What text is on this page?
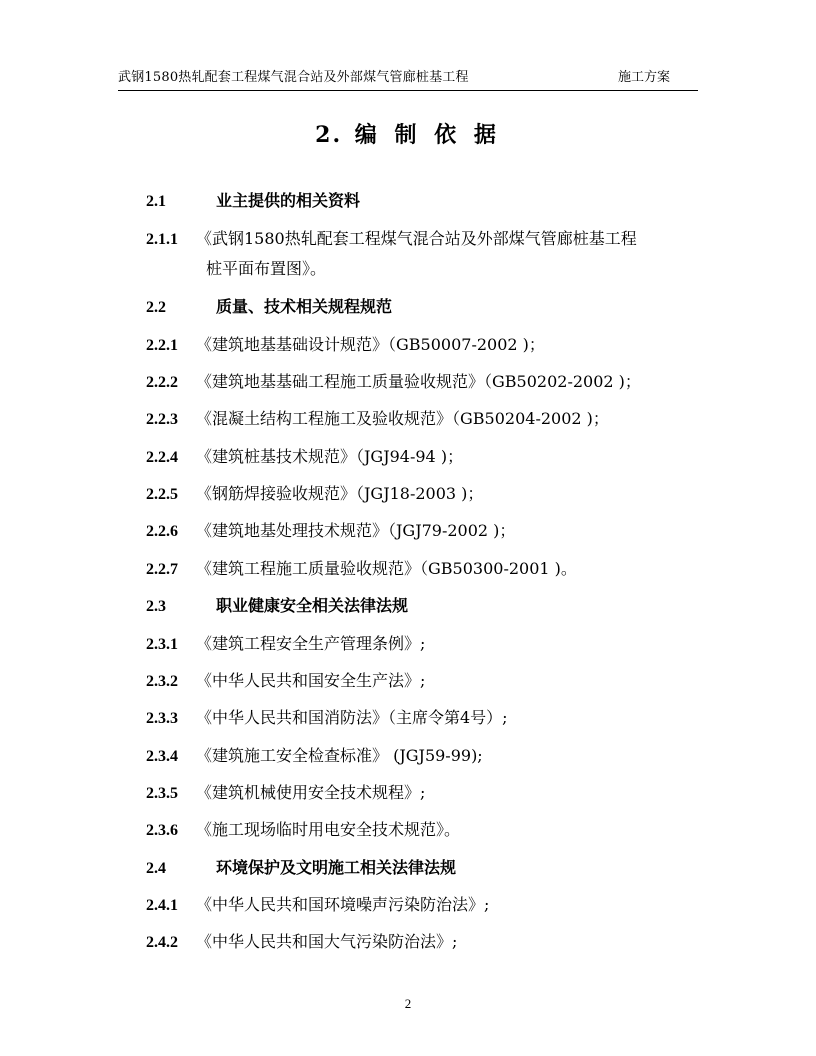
武钢1580热轧配套工程煤气混合站及外部煤气管廊桩基工程	施工方案
2. 编 制 依 据
2.1	业主提供的相关资料
2.1.1 《武钢1580热轧配套工程煤气混合站及外部煤气管廊桩基工程
桩平面布置图》。
2.2	质量、技术相关规程规范
2.2.1 《建筑地基基础设计规范》（GB50007-2002 )；
2.2.2 《建筑地基基础工程施工质量验收规范》（GB50202-2002 )；
2.2.3 《混凝土结构工程施工及验收规范》（GB50204-2002 )；
2.2.4 《建筑桩基技术规范》（JGJ94-94 )；
2.2.5 《钢筋焊接验收规范》（JGJ18-2003 )；
2.2.6 《建筑地基处理技术规范》（JGJ79-2002 )；
2.2.7 《建筑工程施工质量验收规范》（GB50300-2001 )。
2.3	职业健康安全相关法律法规
2.3.1 《建筑工程安全生产管理条例》;
2.3.2 《中华人民共和国安全生产法》;
2.3.3 《中华人民共和国消防法》（主席令第4号）;
2.3.4 《建筑施工安全检查标准》 (JGJ59-99);
2.3.5 《建筑机械使用安全技术规程》;
2.3.6 《施工现场临时用电安全技术规范》。
2.4	环境保护及文明施工相关法律法规
2.4.1 《中华人民共和国环境噪声污染防治法》;
2.4.2 《中华人民共和国大气污染防治法》;
2
